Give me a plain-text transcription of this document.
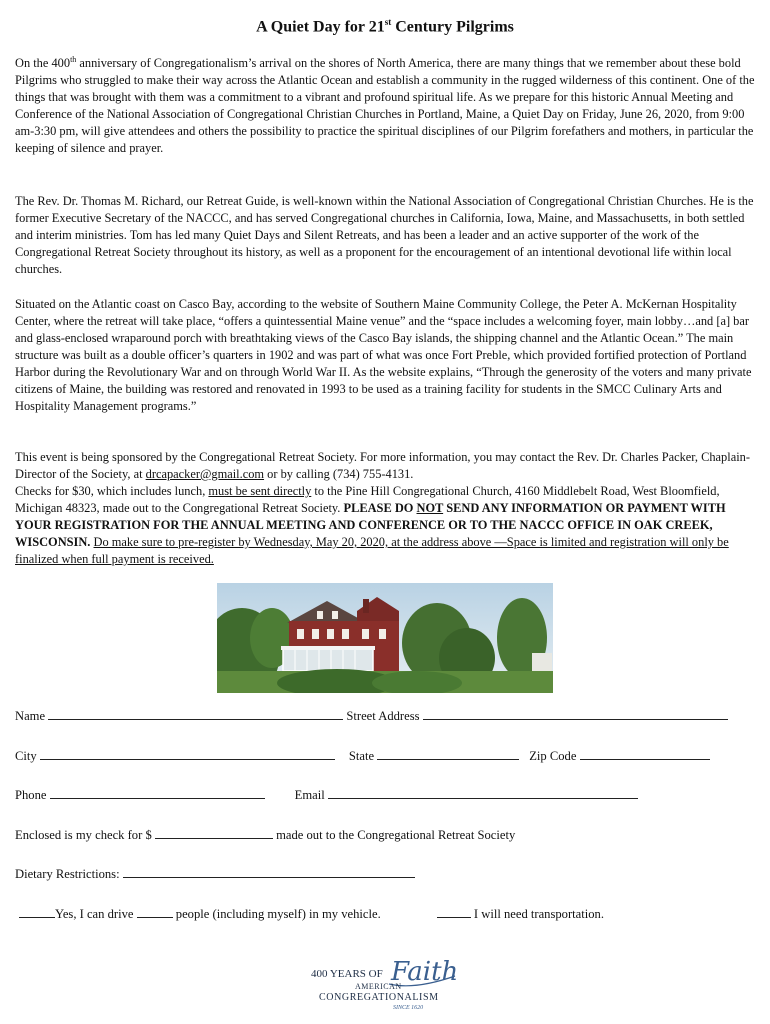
A Quiet Day for 21st Century Pilgrims
On the 400th anniversary of Congregationalism’s arrival on the shores of North America, there are many things that we remember about these bold Pilgrims who struggled to make their way across the Atlantic Ocean and establish a community in the rugged wilderness of this continent. One of the things that was brought with them was a commitment to a vibrant and profound spiritual life. As we prepare for this historic Annual Meeting and Conference of the National Association of Congregational Christian Churches in Portland, Maine, a Quiet Day on Friday, June 26, 2020, from 9:00 am-3:30 pm, will give attendees and others the possibility to practice the spiritual disciplines of our Pilgrim forefathers and mothers, in particular the keeping of silence and prayer.
The Rev. Dr. Thomas M. Richard, our Retreat Guide, is well-known within the National Association of Congregational Christian Churches. He is the former Executive Secretary of the NACCC, and has served Congregational churches in California, Iowa, Maine, and Massachusetts, in both settled and interim ministries. Tom has led many Quiet Days and Silent Retreats, and has been a leader and an active supporter of the work of the Congregational Retreat Society throughout its history, as well as a proponent for the encouragement of an intentional devotional life within local churches.
Situated on the Atlantic coast on Casco Bay, according to the website of Southern Maine Community College, the Peter A. McKernan Hospitality Center, where the retreat will take place, “offers a quintessential Maine venue” and the “space includes a welcoming foyer, main lobby…and [a] bar and glass-enclosed wraparound porch with breathtaking views of the Casco Bay islands, the shipping channel and the Atlantic Ocean.” The main structure was built as a double officer’s quarters in 1902 and was part of what was once Fort Preble, which provided fortified protection of Portland Harbor during the Revolutionary War and on through World War II. As the website explains, “Through the generosity of the voters and many private citizens of Maine, the building was restored and renovated in 1993 to be used as a training facility for students in the SMCC Culinary Arts and Hospitality Management programs.”
This event is being sponsored by the Congregational Retreat Society. For more information, you may contact the Rev. Dr. Charles Packer, Chaplain-Director of the Society, at drcapacker@gmail.com or by calling (734) 755-4131.
Checks for $30, which includes lunch, must be sent directly to the Pine Hill Congregational Church, 4160 Middlebelt Road, West Bloomfield, Michigan 48323, made out to the Congregational Retreat Society. PLEASE DO NOT SEND ANY INFORMATION OR PAYMENT WITH YOUR REGISTRATION FOR THE ANNUAL MEETING AND CONFERENCE OR TO THE NACCC OFFICE IN OAK CREEK, WISCONSIN. Do make sure to pre-register by Wednesday, May 20, 2020, at the address above —Space is limited and registration will only be finalized when full payment is received.
Name	Street Address
City	State	Zip Code
Phone	Email
Enclosed is my check for $	made out to the Congregational Retreat Society
Dietary Restrictions:
Yes, I can drive	people (including myself) in my vehicle.	I will need transportation.
400 YEARS OF Faith
AMERICAN
CONGREGATIONALISM
SINCE 1620
